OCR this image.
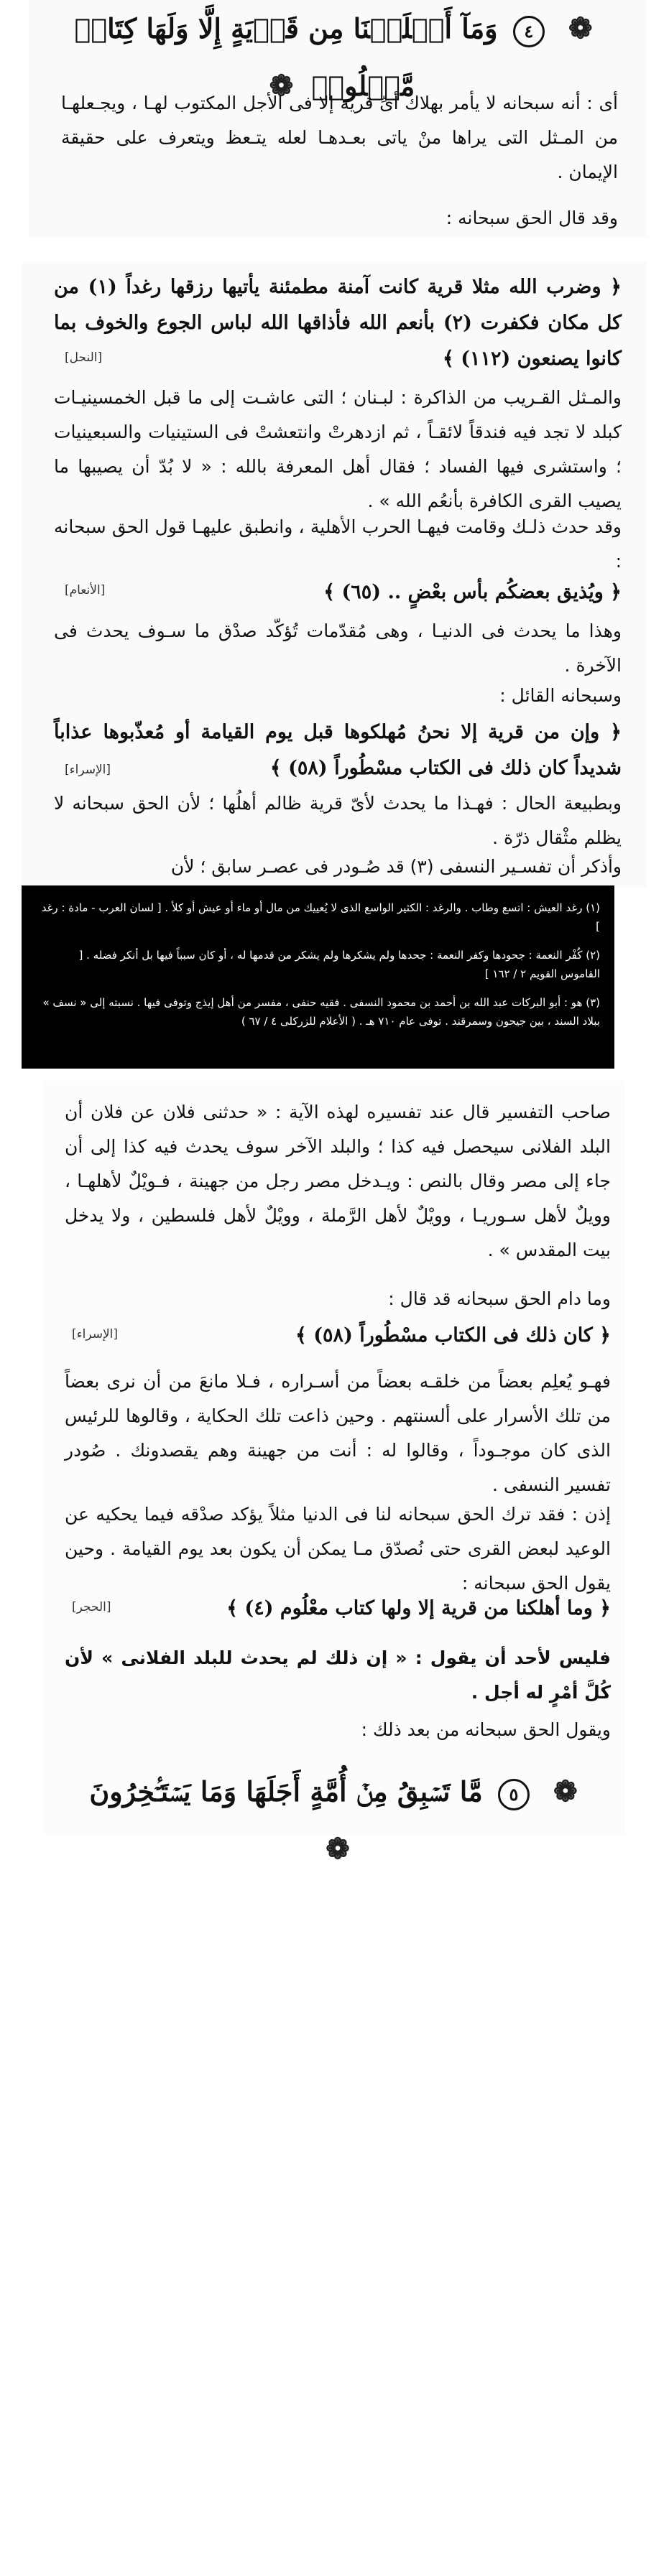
❁ ٤ وَمَآ أَهۡلَكۡنَا مِن قَرۡيَةٍ إِلَّا وَلَهَا كِتَابٞ مَّعۡلُومٞ ❁
أى : أنه سبحانه لا يأمر بهلاك أىِّ قرية إلا فى الأجل المكتوب لهـا ، ويجـعلهـا من المـثل التى يراها منْ ياتى بعـدهـا لعله يتـعظ ويتعرف على حقيقة الإيمان .
وقد قال الحق سبحانه :
﴿ وضرب الله مثلا قرية كانت آمنة مطمئنة يأتيها رزقها رغداً (١) من كل مكان فكفرت (٢) بأنعم الله فأذاقها الله لباس الجوع والخوف بما كانوا يصنعون (١١٢) ﴾
[النحل]
والمـثل القـريب من الذاكرة : لبـنان ؛ التى عاشـت إلى ما قبل الخمسينيـات كبلد لا تجد فيه فندقاً لائقـاً ، ثم ازدهرتْ وانتعشتْ فى الستينيات والسبعينيات ؛ واستشرى فيها الفساد ؛ فقال أهل المعرفة بالله : « لا بُدّ أن يصيبها ما يصيب القرى الكافرة بأنعُم الله » .
وقد حدث ذلـك وقامت فيهـا الحرب الأهلية ، وانطبق عليهـا قول الحق سبحانه :
﴿ ويُذيق بعضكُم بأس بعْضٍ .. (٦٥) ﴾
[الأنعام]
وهذا ما يحدث فى الدنيـا ، وهى مُقدّمات تُؤكّد صدْق ما سـوف يحدث فى الآخرة .
وسبحانه القائل :
﴿ وإن من قرية إلا نحنُ مُهلكوها قبل يوم القيامة أو مُعذّبوها عذاباً شديداً كان ذلك فى الكتاب مسْطُوراً (٥٨) ﴾
[الإسراء]
وبطبيعة الحال : فهـذا ما يحدث لأىّ قرية ظالم أهلُها ؛ لأن الحق سبحانه لا يظلم مثْقال ذرّة .
وأذكر أن تفسـير النسفى (٣) قد صُـودر فى عصـر سابق ؛ لأن
(١) رغد العيش : اتسع وطاب . والرغد : الكثير الواسع الذى لا يُعييك من مال أو ماء أو عيش أو كلأ . [ لسان العرب - مادة : رغد ]
(٢) كُفْر النعمة : جحودها وكفر النعمة : جحدها ولم يشكرها ولم يشكر من قدمها له ، أو كان سبباً فيها بل أنكر فضله . [ القاموس القويم ٢ / ١٦٢ ]
(٣) هو : أبو البركات عبد الله بن أحمد بن محمود النسفى . فقيه حنفى ، مفسر من أهل إيذج وتوفى فيها . نسبته إلى « نسف » ببلاد السند ، بين جيحون وسمرقند . توفى عام ٧١٠ هـ . ( الأعلام للزركلى ٤ / ٦٧ )
صاحب التفسير قال عند تفسيره لهذه الآية : « حدثنى فلان عن فلان أن البلد الفلانى سيحصل فيه كذا ؛ والبلد الآخر سوف يحدث فيه كذا إلى أن جاء إلى مصر وقال بالنص : ويـدخل مصر رجل من جهينة ، فـويْلٌ لأهلهـا ، وويلٌ لأهل سـوريـا ، وويْلٌ لأهل الرَّملة ، وويْلٌ لأهل فلسطين ، ولا يدخل بيت المقدس » .
وما دام الحق سبحانه قد قال :
﴿ كان ذلك فى الكتاب مسْطُوراً (٥٨) ﴾
[الإسراء]
فهـو يُعلِم بعضاً من خلقـه بعضاً من أسـراره ، فـلا مانعَ من أن نرى بعضاً من تلك الأسرار على ألسنتهم . وحين ذاعت تلك الحكاية ، وقالوها للرئيس الذى كان موجـوداً ، وقالوا له : أنت من جهينة وهم يقصدونك . صُودر تفسير النسفى .
إذن : فقد ترك الحق سبحانه لنا فى الدنيا مثلاً يؤكد صدْقه فيما يحكيه عن الوعيد لبعض القرى حتى نُصدّق مـا يمكن أن يكون بعد يوم القيامة . وحين يقول الحق سبحانه :
﴿ وما أهلكنا من قرية إلا ولها كتاب معْلُوم (٤) ﴾
[الحجر]
فليس لأحد أن يقول : « إن ذلك لم يحدث للبلد الفلانى » لأن كُلَّ أمْرٍ له أجل .
ويقول الحق سبحانه من بعد ذلك :
❁ ٥ مَّا تَسۡبِقُ مِنۡ أُمَّةٍ أَجَلَهَا وَمَا يَسۡتَـٔۡخِرُونَ ❁
